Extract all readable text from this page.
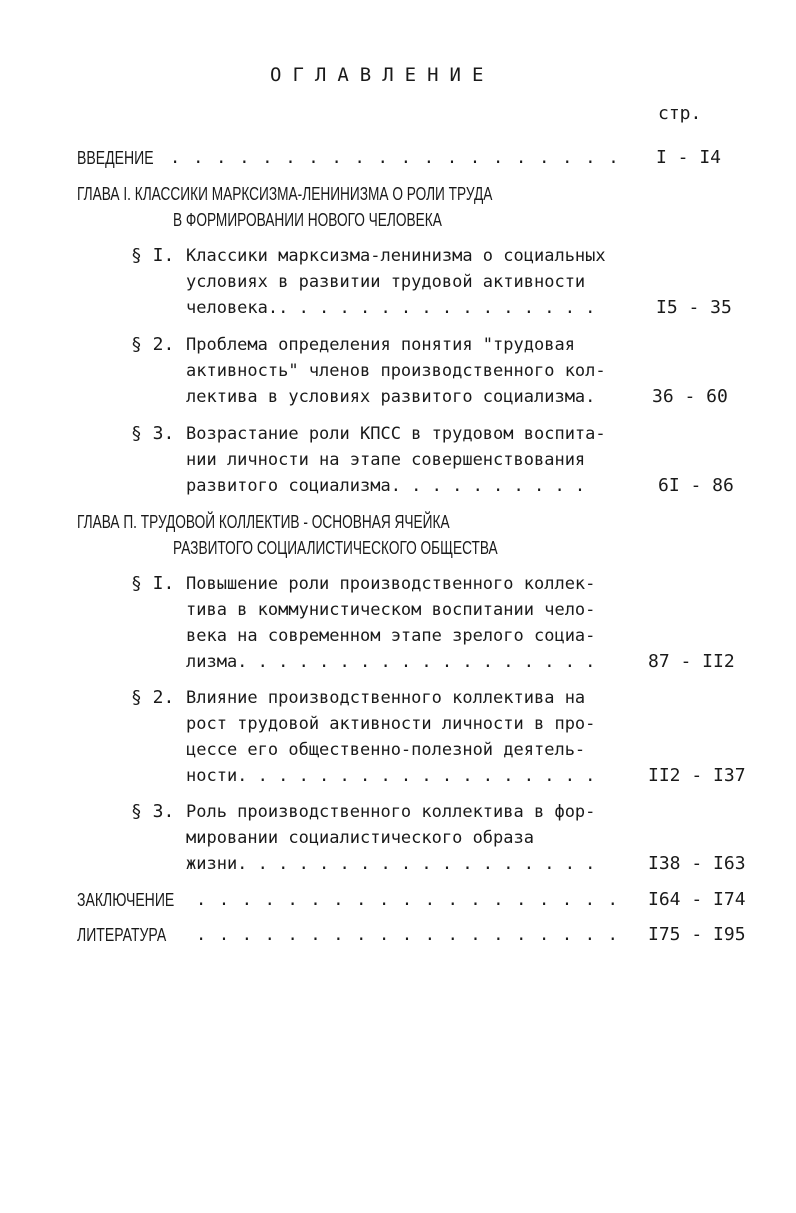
ОГЛАВЛЕНИЕ
стр.
ВВЕДЕНИЕ . . . . . . . . . . . . . . . . . . . . I - I4
ГЛАВА I. КЛАССИКИ МАРКСИЗМА-ЛЕНИНИЗМА О РОЛИ ТРУДА
В ФОРМИРОВАНИИ НОВОГО ЧЕЛОВЕКА
§ I. Классики марксизма-ленинизма о социальных
условиях в развитии трудовой активности
человека.. . . . . . . . . . . . . . . .	I5 - 35
§ 2. Проблема определения понятия "трудовая
активность" членов производственного кол-
лектива в условиях развитого социализма.	36 - 60
§ 3. Возрастание роли КПСС в трудовом воспита-
нии личности на этапе совершенствования
развитого социализма. . . . . . . . . .	6I - 86
ГЛАВА П. ТРУДОВОЙ КОЛЛЕКТИВ - ОСНОВНАЯ ЯЧЕЙКА
РАЗВИТОГО СОЦИАЛИСТИЧЕСКОГО ОБЩЕСТВА
§ I. Повышение роли производственного коллек-
тива в коммунистическом воспитании чело-
века на современном этапе зрелого социа-
лизма. . . . . . . . . . . . . . . . . .	87 - II2
§ 2. Влияние производственного коллектива на
рост трудовой активности личности в про-
цессе его общественно-полезной деятель-
ности. . . . . . . . . . . . . . . . . .	II2 - I37
§ 3. Роль производственного коллектива в фор-
мировании социалистического образа
жизни. . . . . . . . . . . . . . . . . .	I38 - I63
ЗАКЛЮЧЕНИЕ . . . . . . . . . . . . . . . . . . . I64 - I74
ЛИТЕРАТУРА . . . . . . . . . . . . . . . . . . . I75 - I95
